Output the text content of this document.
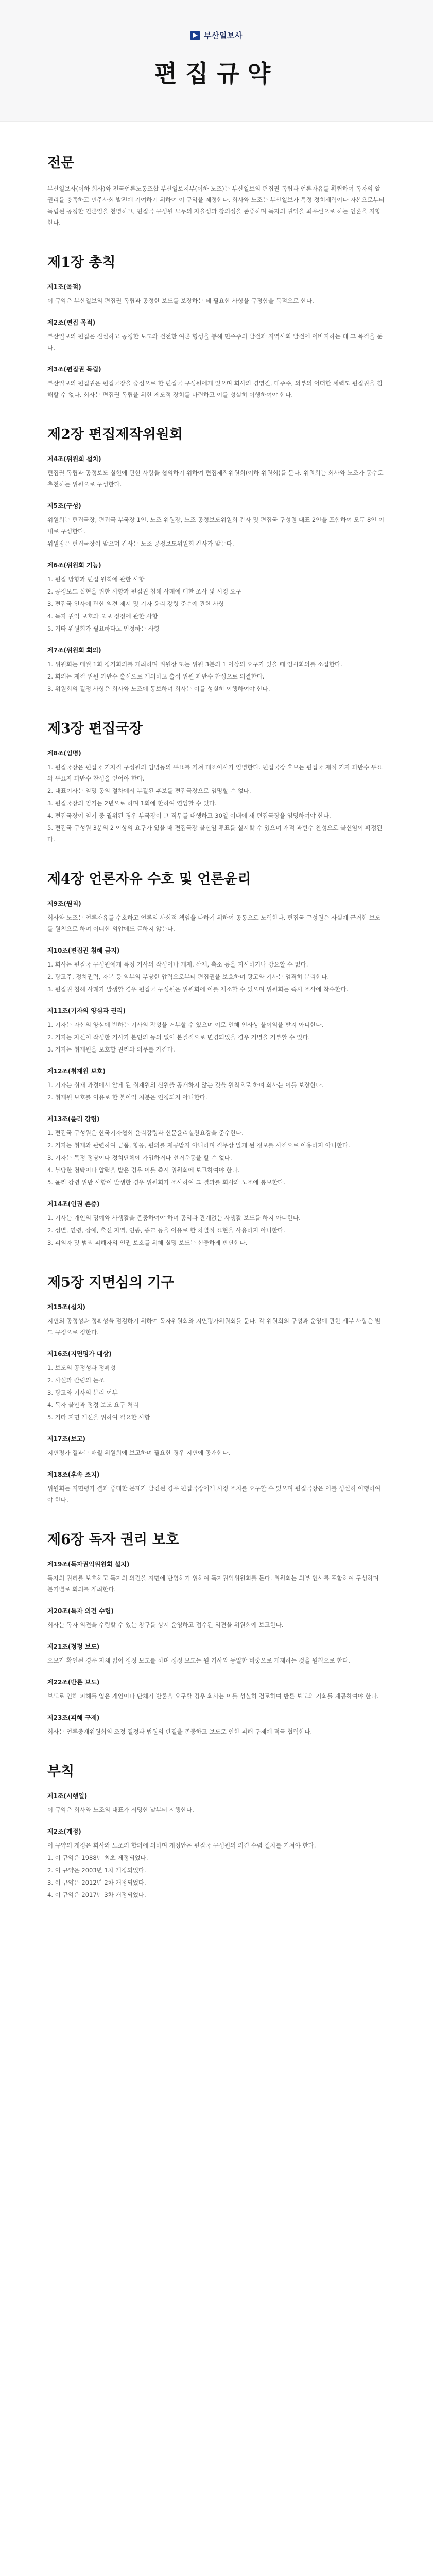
부산일보사
편집규약
전문

부산일보사(이하 회사)와 전국언론노동조합 부산일보지부(이하 노조)는 부산일보의 편집권 독립과 언론자유를 확립하여 독자의 알 권리를 충족하고 민주사회 발전에 기여하기 위하여 이 규약을 제정한다. 회사와 노조는 부산일보가 특정 정치세력이나 자본으로부터 독립된 공정한 언론임을 천명하고, 편집국 구성원 모두의 자율성과 창의성을 존중하며 독자의 권익을 최우선으로 하는 언론을 지향한다.

제1장 총칙
제1조(목적)

이 규약은 부산일보의 편집권 독립과 공정한 보도를 보장하는 데 필요한 사항을 규정함을 목적으로 한다.

제2조(편집 목적)

부산일보의 편집은 진실하고 공정한 보도와 건전한 여론 형성을 통해 민주주의 발전과 지역사회 발전에 이바지하는 데 그 목적을 둔다.

제3조(편집권 독립)

부산일보의 편집권은 편집국장을 중심으로 한 편집국 구성원에게 있으며 회사의 경영진, 대주주, 외부의 어떠한 세력도 편집권을 침해할 수 없다. 회사는 편집권 독립을 위한 제도적 장치를 마련하고 이를 성실히 이행하여야 한다.

제2장 편집제작위원회
제4조(위원회 설치)

편집권 독립과 공정보도 실현에 관한 사항을 협의하기 위하여 편집제작위원회(이하 위원회)를 둔다. 위원회는 회사와 노조가 동수로 추천하는 위원으로 구성한다.

제5조(구성)

위원회는 편집국장, 편집국 부국장 1인, 노조 위원장, 노조 공정보도위원회 간사 및 편집국 구성원 대표 2인을 포함하여 모두 8인 이내로 구성한다.

위원장은 편집국장이 맡으며 간사는 노조 공정보도위원회 간사가 맡는다.

제6조(위원회 기능)

1. 편집 방향과 편집 원칙에 관한 사항

2. 공정보도 실현을 위한 사항과 편집권 침해 사례에 대한 조사 및 시정 요구

3. 편집국 인사에 관한 의견 제시 및 기자 윤리 강령 준수에 관한 사항

4. 독자 권익 보호와 오보 정정에 관한 사항

5. 기타 위원회가 필요하다고 인정하는 사항

제7조(위원회 회의)

1. 위원회는 매월 1회 정기회의를 개최하며 위원장 또는 위원 3분의 1 이상의 요구가 있을 때 임시회의를 소집한다.

2. 회의는 재적 위원 과반수 출석으로 개의하고 출석 위원 과반수 찬성으로 의결한다.

3. 위원회의 결정 사항은 회사와 노조에 통보하며 회사는 이를 성실히 이행하여야 한다.

제3장 편집국장
제8조(임명)

1. 편집국장은 편집국 기자직 구성원의 임명동의 투표를 거쳐 대표이사가 임명한다. 편집국장 후보는 편집국 재적 기자 과반수 투표와 투표자 과반수 찬성을 얻어야 한다.

2. 대표이사는 임명 동의 절차에서 부결된 후보를 편집국장으로 임명할 수 없다.

3. 편집국장의 임기는 2년으로 하며 1회에 한하여 연임할 수 있다.

4. 편집국장이 임기 중 궐위된 경우 부국장이 그 직무를 대행하고 30일 이내에 새 편집국장을 임명하여야 한다.

5. 편집국 구성원 3분의 2 이상의 요구가 있을 때 편집국장 불신임 투표를 실시할 수 있으며 재적 과반수 찬성으로 불신임이 확정된다.

제4장 언론자유 수호 및 언론윤리
제9조(원칙)

회사와 노조는 언론자유를 수호하고 언론의 사회적 책임을 다하기 위하여 공동으로 노력한다. 편집국 구성원은 사실에 근거한 보도를 원칙으로 하며 어떠한 외압에도 굴하지 않는다.

제10조(편집권 침해 금지)

1. 회사는 편집국 구성원에게 특정 기사의 작성이나 게재, 삭제, 축소 등을 지시하거나 강요할 수 없다.

2. 광고주, 정치권력, 자본 등 외부의 부당한 압력으로부터 편집권을 보호하며 광고와 기사는 엄격히 분리한다.

3. 편집권 침해 사례가 발생할 경우 편집국 구성원은 위원회에 이를 제소할 수 있으며 위원회는 즉시 조사에 착수한다.

제11조(기자의 양심과 권리)

1. 기자는 자신의 양심에 반하는 기사의 작성을 거부할 수 있으며 이로 인해 인사상 불이익을 받지 아니한다.

2. 기자는 자신이 작성한 기사가 본인의 동의 없이 본질적으로 변경되었을 경우 기명을 거부할 수 있다.

3. 기자는 취재원을 보호할 권리와 의무를 가진다.

제12조(취재원 보호)

1. 기자는 취재 과정에서 알게 된 취재원의 신원을 공개하지 않는 것을 원칙으로 하며 회사는 이를 보장한다.

2. 취재원 보호를 이유로 한 불이익 처분은 인정되지 아니한다.

제13조(윤리 강령)

1. 편집국 구성원은 한국기자협회 윤리강령과 신문윤리실천요강을 준수한다.

2. 기자는 취재와 관련하여 금품, 향응, 편의를 제공받지 아니하며 직무상 알게 된 정보를 사적으로 이용하지 아니한다.

3. 기자는 특정 정당이나 정치단체에 가입하거나 선거운동을 할 수 없다.

4. 부당한 청탁이나 압력을 받은 경우 이를 즉시 위원회에 보고하여야 한다.

5. 윤리 강령 위반 사항이 발생한 경우 위원회가 조사하여 그 결과를 회사와 노조에 통보한다.

제14조(인권 존중)

1. 기사는 개인의 명예와 사생활을 존중하여야 하며 공익과 관계없는 사생활 보도를 하지 아니한다.

2. 성별, 연령, 장애, 출신 지역, 인종, 종교 등을 이유로 한 차별적 표현을 사용하지 아니한다.

3. 피의자 및 범죄 피해자의 인권 보호를 위해 실명 보도는 신중하게 판단한다.

제5장 지면심의 기구
제15조(설치)

지면의 공정성과 정확성을 점검하기 위하여 독자위원회와 지면평가위원회를 둔다. 각 위원회의 구성과 운영에 관한 세부 사항은 별도 규정으로 정한다.

제16조(지면평가 대상)

1. 보도의 공정성과 정확성

2. 사설과 칼럼의 논조

3. 광고와 기사의 분리 여부

4. 독자 불만과 정정 보도 요구 처리

5. 기타 지면 개선을 위하여 필요한 사항

제17조(보고)

지면평가 결과는 매월 위원회에 보고하며 필요한 경우 지면에 공개한다.

제18조(후속 조치)

위원회는 지면평가 결과 중대한 문제가 발견된 경우 편집국장에게 시정 조치를 요구할 수 있으며 편집국장은 이를 성실히 이행하여야 한다.

제6장 독자 권리 보호
제19조(독자권익위원회 설치)

독자의 권리를 보호하고 독자의 의견을 지면에 반영하기 위하여 독자권익위원회를 둔다. 위원회는 외부 인사를 포함하여 구성하며 분기별로 회의를 개최한다.

제20조(독자 의견 수렴)

회사는 독자 의견을 수렴할 수 있는 창구를 상시 운영하고 접수된 의견을 위원회에 보고한다.

제21조(정정 보도)

오보가 확인된 경우 지체 없이 정정 보도를 하며 정정 보도는 원 기사와 동일한 비중으로 게재하는 것을 원칙으로 한다.

제22조(반론 보도)

보도로 인해 피해를 입은 개인이나 단체가 반론을 요구할 경우 회사는 이를 성실히 검토하여 반론 보도의 기회를 제공하여야 한다.

제23조(피해 구제)

회사는 언론중재위원회의 조정 결정과 법원의 판결을 존중하고 보도로 인한 피해 구제에 적극 협력한다.

부칙
제1조(시행일)

이 규약은 회사와 노조의 대표가 서명한 날부터 시행한다.

제2조(개정)

이 규약의 개정은 회사와 노조의 합의에 의하며 개정안은 편집국 구성원의 의견 수렴 절차를 거쳐야 한다.

1. 이 규약은 1988년 최초 제정되었다.

2. 이 규약은 2003년 1차 개정되었다.

3. 이 규약은 2012년 2차 개정되었다.

4. 이 규약은 2017년 3차 개정되었다.
